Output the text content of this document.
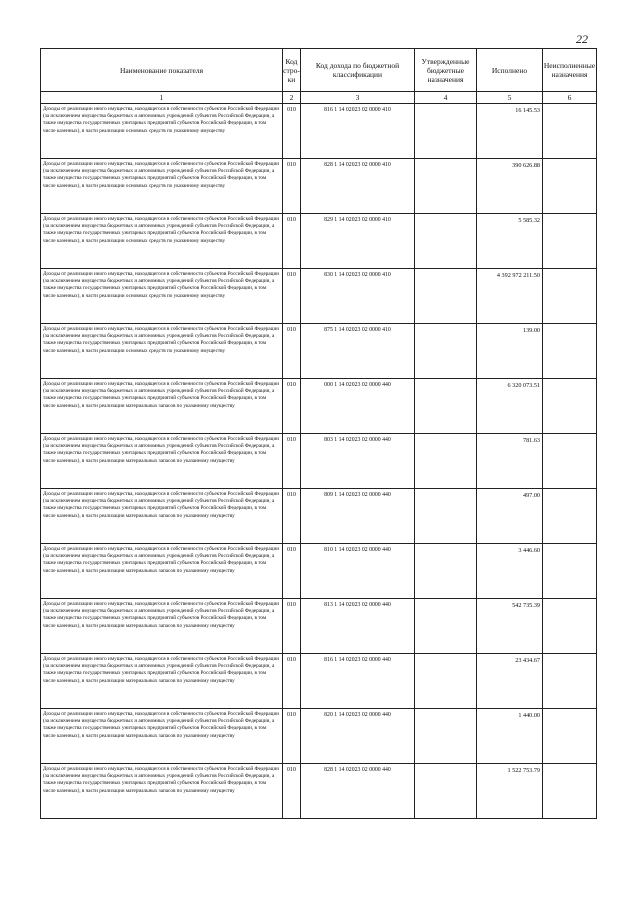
22
Наименование показателя	Код стро-ки	Код дохода по бюджетной классификации	Утвержденные бюджетные назначения	Исполнено	Неисполненные назначения
1	2	3	4	5	6
Доходы от реализации иного имущества, находящегося в собственности субъектов Российской Федерации (за исключением имущества бюджетных и автономных учреждений субъектов Российской Федерации, а также имущества государственных унитарных предприятий субъектов Российской Федерации, в том числе казенных), в части реализации основных средств по указанному имуществу	010	816 1 14 02023 02 0000 410		16 145.53	
Доходы от реализации иного имущества, находящегося в собственности субъектов Российской Федерации (за исключением имущества бюджетных и автономных учреждений субъектов Российской Федерации, а также имущества государственных унитарных предприятий субъектов Российской Федерации, в том числе казенных), в части реализации основных средств по указанному имуществу	010	828 1 14 02023 02 0000 410		390 626.88	
Доходы от реализации иного имущества, находящегося в собственности субъектов Российской Федерации (за исключением имущества бюджетных и автономных учреждений субъектов Российской Федерации, а также имущества государственных унитарных предприятий субъектов Российской Федерации, в том числе казенных), в части реализации основных средств по указанному имуществу	010	829 1 14 02023 02 0000 410		5 585.32	
Доходы от реализации иного имущества, находящегося в собственности субъектов Российской Федерации (за исключением имущества бюджетных и автономных учреждений субъектов Российской Федерации, а также имущества государственных унитарных предприятий субъектов Российской Федерации, в том числе казенных), в части реализации основных средств по указанному имуществу	010	830 1 14 02023 02 0000 410		4 392 972 211.50	
Доходы от реализации иного имущества, находящегося в собственности субъектов Российской Федерации (за исключением имущества бюджетных и автономных учреждений субъектов Российской Федерации, а также имущества государственных унитарных предприятий субъектов Российской Федерации, в том числе казенных), в части реализации основных средств по указанному имуществу	010	875 1 14 02023 02 0000 410		139.00	
Доходы от реализации иного имущества, находящегося в собственности субъектов Российской Федерации (за исключением имущества бюджетных и автономных учреждений субъектов Российской Федерации, а также имущества государственных унитарных предприятий субъектов Российской Федерации, в том числе казенных), в части реализации материальных запасов по указанному имуществу	010	000 1 14 02023 02 0000 440		6 320 073.51	
Доходы от реализации иного имущества, находящегося в собственности субъектов Российской Федерации (за исключением имущества бюджетных и автономных учреждений субъектов Российской Федерации, а также имущества государственных унитарных предприятий субъектов Российской Федерации, в том числе казенных), в части реализации материальных запасов по указанному имуществу	010	803 1 14 02023 02 0000 440		781.63	
Доходы от реализации иного имущества, находящегося в собственности субъектов Российской Федерации (за исключением имущества бюджетных и автономных учреждений субъектов Российской Федерации, а также имущества государственных унитарных предприятий субъектов Российской Федерации, в том числе казенных), в части реализации материальных запасов по указанному имуществу	010	809 1 14 02023 02 0000 440		497.00	
Доходы от реализации иного имущества, находящегося в собственности субъектов Российской Федерации (за исключением имущества бюджетных и автономных учреждений субъектов Российской Федерации, а также имущества государственных унитарных предприятий субъектов Российской Федерации, в том числе казенных), в части реализации материальных запасов по указанному имуществу	010	810 1 14 02023 02 0000 440		3 446.60	
Доходы от реализации иного имущества, находящегося в собственности субъектов Российской Федерации (за исключением имущества бюджетных и автономных учреждений субъектов Российской Федерации, а также имущества государственных унитарных предприятий субъектов Российской Федерации, в том числе казенных), в части реализации материальных запасов по указанному имуществу	010	813 1 14 02023 02 0000 440		542 735.39	
Доходы от реализации иного имущества, находящегося в собственности субъектов Российской Федерации (за исключением имущества бюджетных и автономных учреждений субъектов Российской Федерации, а также имущества государственных унитарных предприятий субъектов Российской Федерации, в том числе казенных), в части реализации материальных запасов по указанному имуществу	010	816 1 14 02023 02 0000 440		23 434.67	
Доходы от реализации иного имущества, находящегося в собственности субъектов Российской Федерации (за исключением имущества бюджетных и автономных учреждений субъектов Российской Федерации, а также имущества государственных унитарных предприятий субъектов Российской Федерации, в том числе казенных), в части реализации материальных запасов по указанному имуществу	010	820 1 14 02023 02 0000 440		1 440.00	
Доходы от реализации иного имущества, находящегося в собственности субъектов Российской Федерации (за исключением имущества бюджетных и автономных учреждений субъектов Российской Федерации, а также имущества государственных унитарных предприятий субъектов Российской Федерации, в том числе казенных), в части реализации материальных запасов по указанному имуществу	010	828 1 14 02023 02 0000 440		1 522 753.79	
